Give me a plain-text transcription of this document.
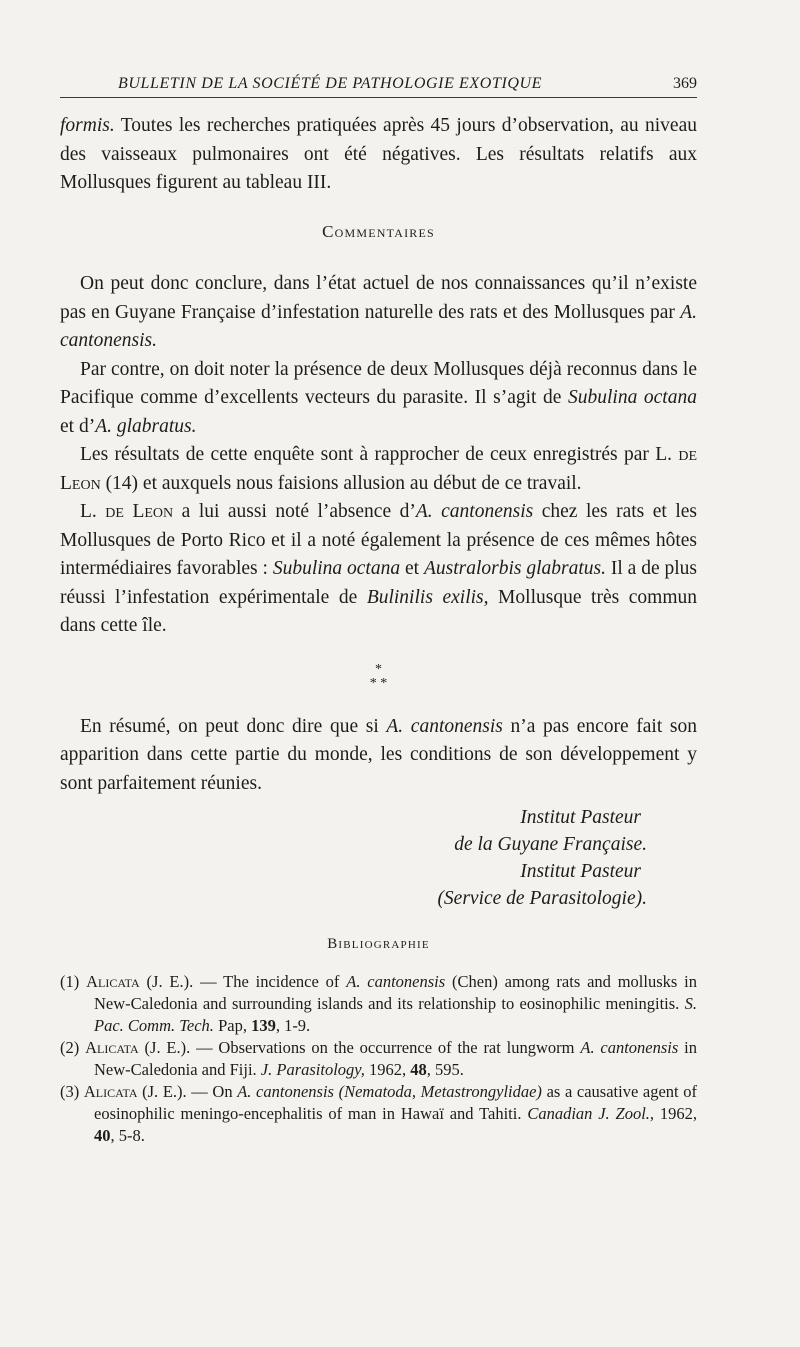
BULLETIN DE LA SOCIÉTÉ DE PATHOLOGIE EXOTIQUE	369

formis. Toutes les recherches pratiquées après 45 jours d’observation, au niveau des vaisseaux pulmonaires ont été négatives. Les résultats relatifs aux Mollusques figurent au tableau III.

Commentaires

On peut donc conclure, dans l’état actuel de nos connaissances qu’il n’existe pas en Guyane Française d’infestation naturelle des rats et des Mollusques par A. cantonensis.

Par contre, on doit noter la présence de deux Mollusques déjà reconnus dans le Pacifique comme d’excellents vecteurs du parasite. Il s’agit de Subulina octana et d’A. glabratus.

Les résultats de cette enquête sont à rapprocher de ceux enregistrés par L. de Leon (14) et auxquels nous faisions allusion au début de ce travail.

L. de Leon a lui aussi noté l’absence d’A. cantonensis chez les rats et les Mollusques de Porto Rico et il a noté également la présence de ces mêmes hôtes intermédiaires favorables : Subulina octana et Australorbis glabratus. Il a de plus réussi l’infestation expérimentale de Bulinilis exilis, Mollusque très commun dans cette île.

*
* *

En résumé, on peut donc dire que si A. cantonensis n’a pas encore fait son apparition dans cette partie du monde, les conditions de son développement y sont parfaitement réunies.

Institut Pasteur

de la Guyane Française.

Institut Pasteur

(Service de Parasitologie).

Bibliographie

(1) Alicata (J. E.). — The incidence of A. cantonensis (Chen) among rats and mollusks in New-Caledonia and surrounding islands and its relationship to eosinophilic meningitis. S. Pac. Comm. Tech. Pap, 139, 1-9.

(2) Alicata (J. E.). — Observations on the occurrence of the rat lungworm A. cantonensis in New-Caledonia and Fiji. J. Parasitology, 1962, 48, 595.

(3) Alicata (J. E.). — On A. cantonensis (Nematoda, Metastrongylidae) as a causative agent of eosinophilic meningo-encephalitis of man in Hawaï and Tahiti. Canadian J. Zool., 1962, 40, 5-8.
